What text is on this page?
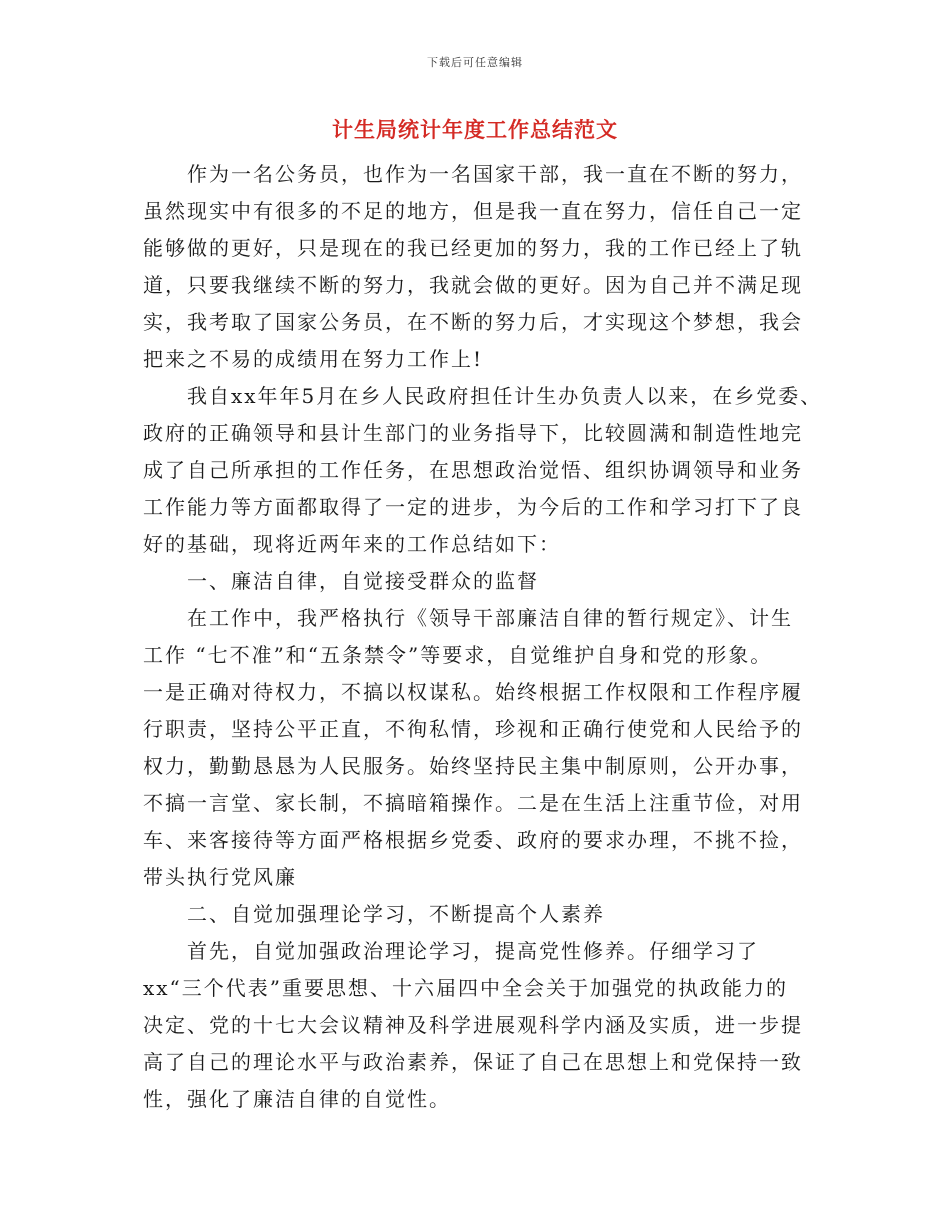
下载后可任意编辑
计生局统计年度工作总结范文
作为一名公务员，也作为一名国家干部，我一直在不断的努力，
虽然现实中有很多的不足的地方，但是我一直在努力，信任自己一定
能够做的更好，只是现在的我已经更加的努力，我的工作已经上了轨
道，只要我继续不断的努力，我就会做的更好。因为自己并不满足现
实，我考取了国家公务员，在不断的努力后，才实现这个梦想，我会
把来之不易的成绩用在努力工作上!
我自xx年年5月在乡人民政府担任计生办负责人以来，在乡党委、
政府的正确领导和县计生部门的业务指导下，比较圆满和制造性地完
成了自己所承担的工作任务，在思想政治觉悟、组织协调领导和业务
工作能力等方面都取得了一定的进步，为今后的工作和学习打下了良
好的基础，现将近两年来的工作总结如下：
一、廉洁自律，自觉接受群众的监督
在工作中，我严格执行《领导干部廉洁自律的暂行规定》、计生
工作 “七不准”和“五条禁令”等要求，自觉维护自身和党的形象。
一是正确对待权力，不搞以权谋私。始终根据工作权限和工作程序履
行职责，坚持公平正直，不徇私情，珍视和正确行使党和人民给予的
权力，勤勤恳恳为人民服务。始终坚持民主集中制原则，公开办事，
不搞一言堂、家长制，不搞暗箱操作。二是在生活上注重节俭，对用
车、来客接待等方面严格根据乡党委、政府的要求办理，不挑不捡，
带头执行党风廉
二、自觉加强理论学习，不断提高个人素养
首先，自觉加强政治理论学习，提高党性修养。仔细学习了
xx“三个代表”重要思想、十六届四中全会关于加强党的执政能力的
决定、党的十七大会议精神及科学进展观科学内涵及实质，进一步提
高了自己的理论水平与政治素养，保证了自己在思想上和党保持一致
性，强化了廉洁自律的自觉性。
